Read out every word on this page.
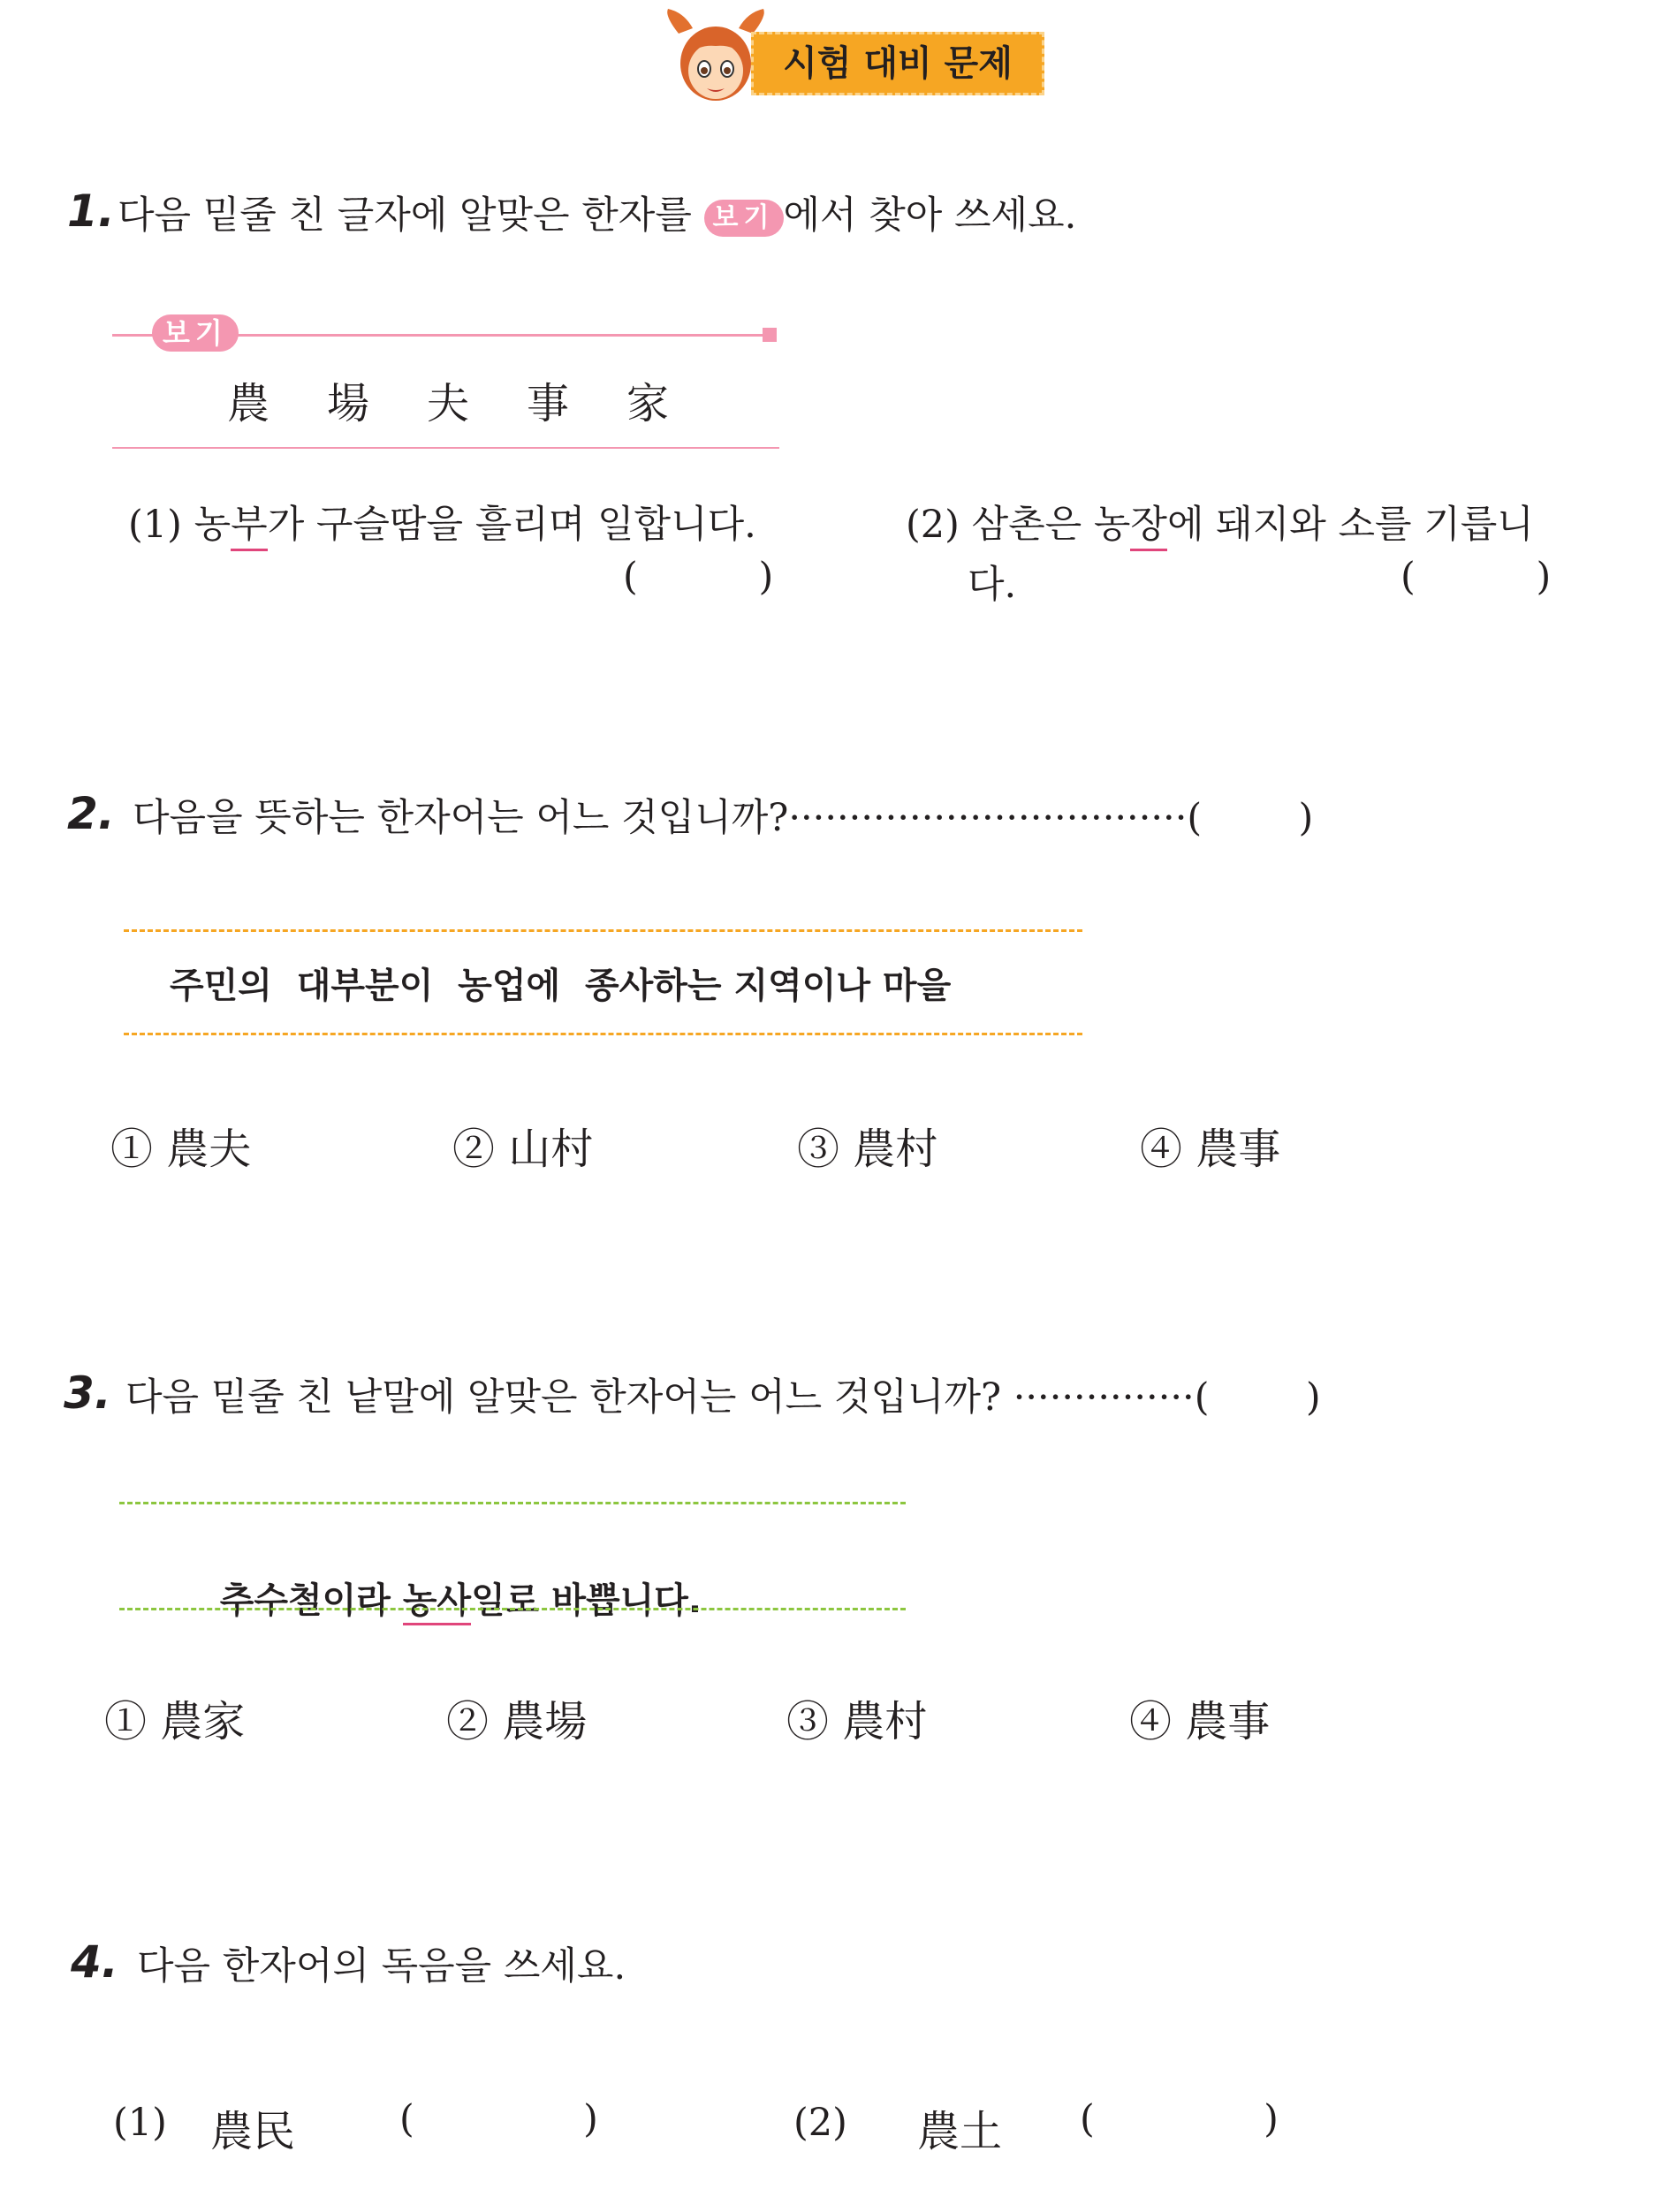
시험 대비 문제
1. 다음 밑줄 친 글자에 알맞은 한자를 보기 에서 찾아 쓰세요.
보기
農 場 夫 事 家
(1) 농부가 구슬땀을 흘리며 일합니다.
(          )
(2) 삼촌은 농장에 돼지와 소를 기릅니
다.	(          )
2. 다음을 뜻하는 한자어는 어느 것입니까?·································(        )
주민의  대부분이  농업에  종사하는 지역이나 마을
① 農夫	② 山村	③ 農村	④ 農事
3. 다음 밑줄 친 낱말에 알맞은 한자어는 어느 것입니까? ···············(        )

추수철이라 농사일로 바쁩니다.

① 農家	② 農場	③ 農村	④ 農事
4. 다음 한자어의 독음을 쓰세요.
(1) 農民	(              )	(2) 農土 (              )
